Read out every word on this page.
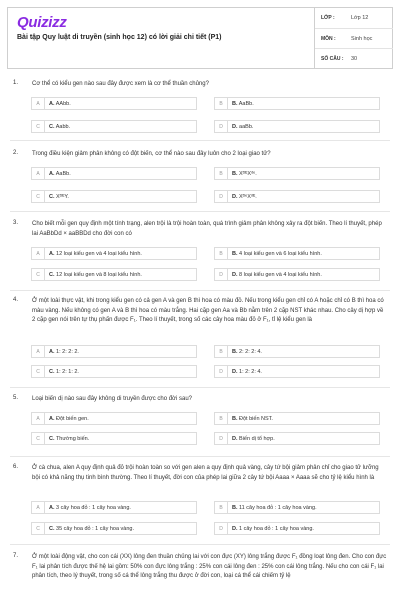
Quizizz
Bài tập Quy luật di truyền (sinh học 12) có lời giải chi tiết (P1)
LỚP :	Lớp 12
MÔN :	Sinh học
SỐ CÂU :	30
1. Cơ thể có kiểu gen nào sau đây được xem là cơ thể thuần chủng?
A	A. AAbb.	B	B. AaBb.
C	C. Aabb.	D	D. aaBb.
2. Trong điều kiện giảm phân không có đột biến, cơ thể nào sau đây luôn cho 2 loại giao tử?
A	A. AaBb.	B	B. XᴰᴱXᵈᵉ.
C	C. XᴰᴱY.	D	D. XᴰᵉXᵈᴱ.
3. Cho biết mỗi gen quy định một tính trạng, alen trội là trội hoàn toàn, quá trình giảm phân không xảy ra đột biến. Theo lí thuyết, phép lai AaBbDd × aaBBDd cho đời con có
A	A. 12 loại kiểu gen và 4 loại kiểu hình.	B	B. 4 loại kiểu gen và 6 loại kiểu hình.
C	C. 12 loại kiểu gen và 8 loại kiểu hình.	D	D. 8 loại kiểu gen và 4 loại kiểu hình.
4. Ở một loài thực vật, khi trong kiểu gen có cả gen A và gen B thì hoa có màu đỏ. Nếu trong kiểu gen chỉ có A hoặc chỉ có B thì hoa có màu vàng. Nếu không có gen A và B thì hoa có màu trắng. Hai cặp gen Aa và Bb nằm trên 2 cặp NST khác nhau. Cho cây dị hợp về 2 cặp gen nói trên tự thụ phấn được F₁. Theo lí thuyết, trong số các cây hoa màu đỏ ở F₁, tỉ lệ kiểu gen là
A	A. 1: 2: 2: 2.	B	B. 2: 2: 2: 4.
C	C. 1: 2: 1: 2.	D	D. 1: 2: 2: 4.
5. Loại biến dị nào sau đây không di truyền được cho đời sau?
A	A. Đột biến gen.	B	B. Đột biến NST.
C	C. Thường biến.	D	D. Biến dị tổ hợp.
6. Ở cà chua, alen A quy định quả đỏ trội hoàn toàn so với gen alen a quy định quả vàng, cây tứ bội giảm phân chỉ cho giao tử lưỡng bội có khả năng thụ tinh bình thường. Theo lí thuyết, đời con của phép lai giữa 2 cây tứ bội Aaaa × Aaaa sẽ cho tỷ lệ kiểu hình là
A	A. 3 cây hoa đỏ : 1 cây hoa vàng.	B	B. 11 cây hoa đỏ : 1 cây hoa vàng.
C	C. 35 cây hoa đỏ : 1 cây hoa vàng.	D	D. 1 cây hoa đỏ : 1 cây hoa vàng.
7. Ở một loài động vật, cho con cái (XX) lông đen thuần chủng lai với con đực (XY) lông trắng được F₁ đồng loạt lông đen. Cho con đực F₁ lai phân tích được thế hệ lai gồm: 50% con đực lông trắng : 25% con cái lông đen : 25% con cái lông trắng. Nếu cho con cái F₁ lai phân tích, theo lý thuyết, trong số cá thể lông trắng thu được ở đời con, loại cá thể cái chiếm tỷ lệ
